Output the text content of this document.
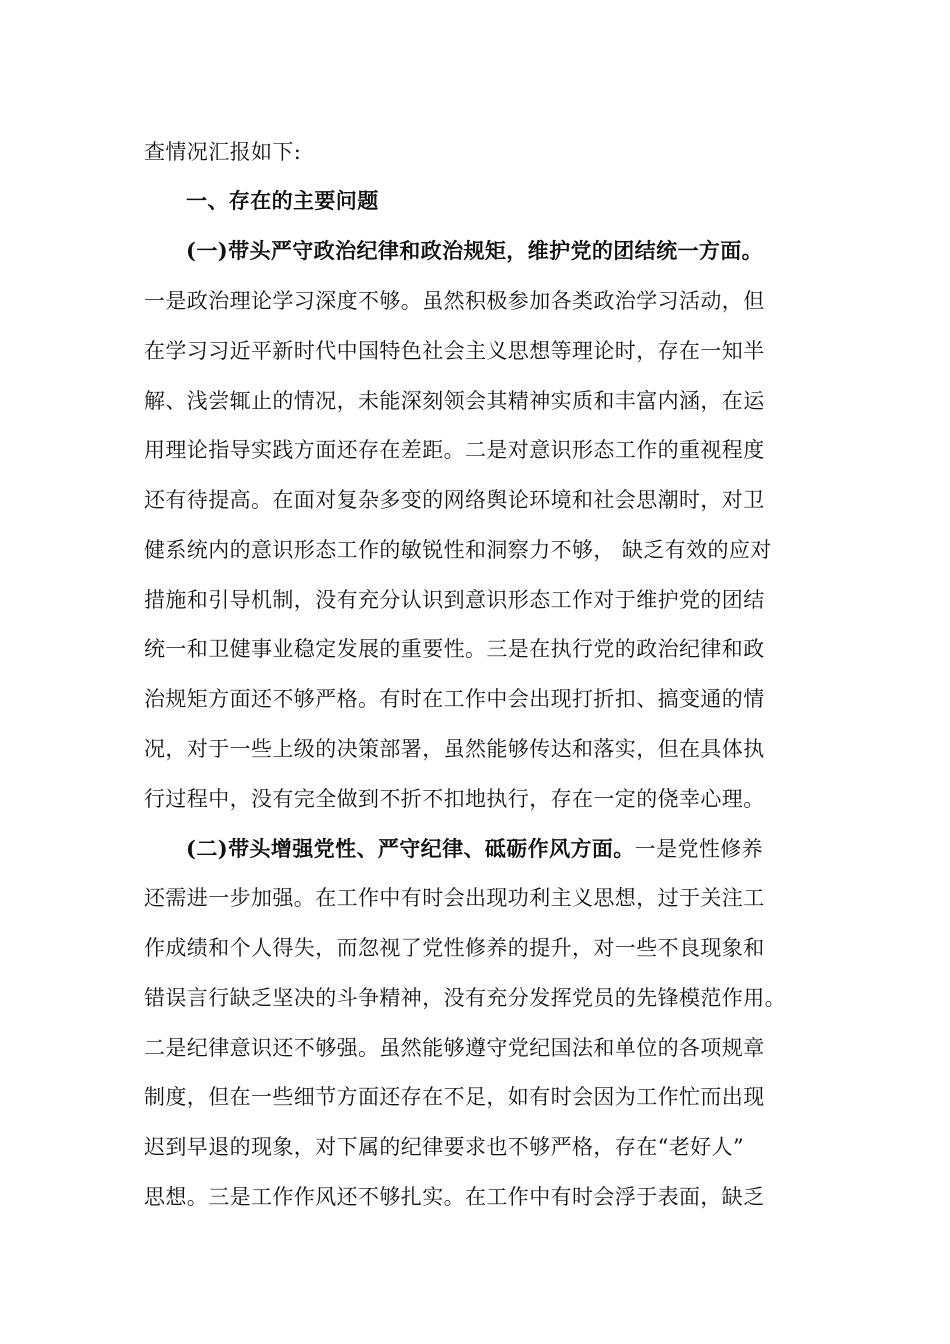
查情况汇报如下:
一、存在的主要问题
(一)带头严守政治纪律和政治规矩，维护党的团结统一方面。
一是政治理论学习深度不够。虽然积极参加各类政治学习活动，但
在学习习近平新时代中国特色社会主义思想等理论时，存在一知半
解、浅尝辄止的情况，未能深刻领会其精神实质和丰富内涵，在运
用理论指导实践方面还存在差距。二是对意识形态工作的重视程度
还有待提高。在面对复杂多变的网络舆论环境和社会思潮时，对卫
健系统内的意识形态工作的敏锐性和洞察力不够， 缺乏有效的应对
措施和引导机制，没有充分认识到意识形态工作对于维护党的团结
统一和卫健事业稳定发展的重要性。三是在执行党的政治纪律和政
治规矩方面还不够严格。有时在工作中会出现打折扣、搞变通的情
况，对于一些上级的决策部署，虽然能够传达和落实，但在具体执
行过程中，没有完全做到不折不扣地执行，存在一定的侥幸心理。
(二)带头增强党性、严守纪律、砥砺作风方面。一是党性修养
还需进一步加强。在工作中有时会出现功利主义思想，过于关注工
作成绩和个人得失，而忽视了党性修养的提升，对一些不良现象和
错误言行缺乏坚决的斗争精神，没有充分发挥党员的先锋模范作用。
二是纪律意识还不够强。虽然能够遵守党纪国法和单位的各项规章
制度，但在一些细节方面还存在不足，如有时会因为工作忙而出现
迟到早退的现象，对下属的纪律要求也不够严格，存在“老好人”
思想。三是工作作风还不够扎实。在工作中有时会浮于表面，缺乏
